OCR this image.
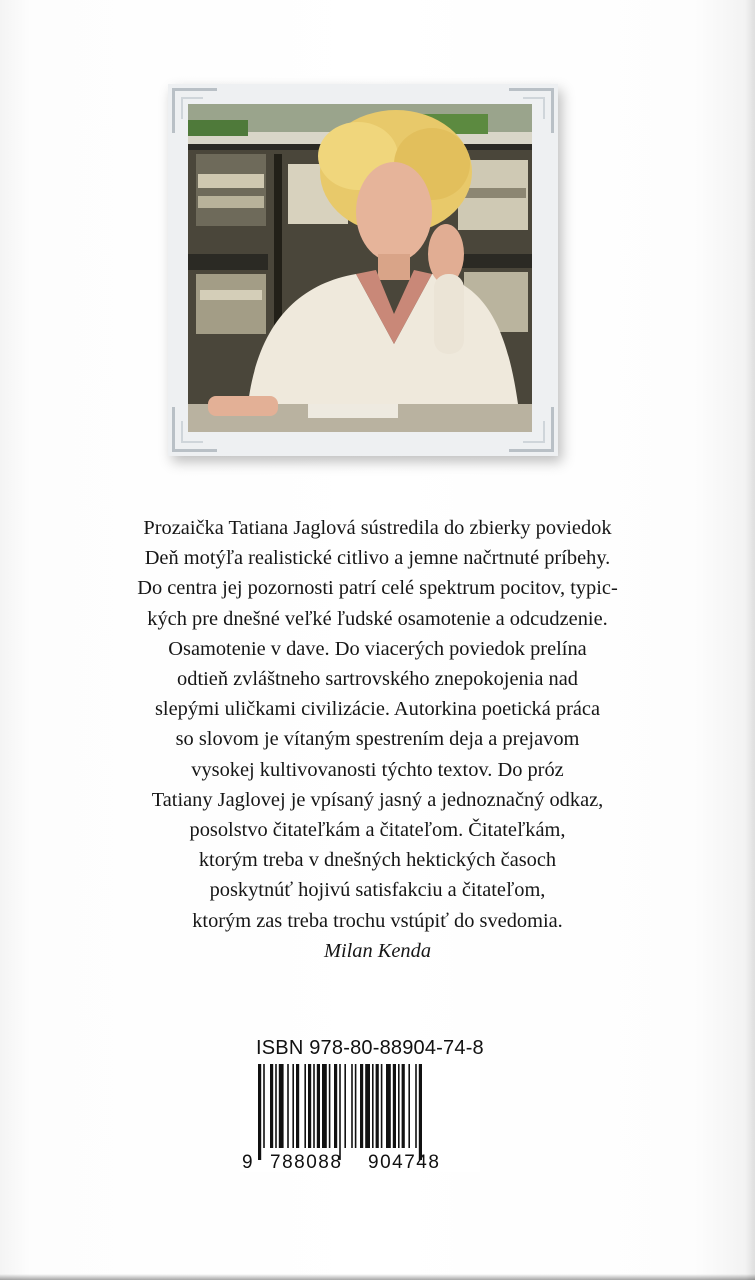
Prozaička Tatiana Jaglová sústredila do zbierky poviedok
Deň motýľa realistické citlivo a jemne načrtnuté príbehy.
Do centra jej pozornosti patrí celé spektrum pocitov, typic-
kých pre dnešné veľké ľudské osamotenie a odcudzenie.
Osamotenie v dave. Do viacerých poviedok prelína
odtieň zvláštneho sartrovského znepokojenia nad
slepými uličkami civilizácie. Autorkina poetická práca
so slovom je vítaným spestrením deja a prejavom
vysokej kultivovanosti týchto textov. Do próz
Tatiany Jaglovej je vpísaný jasný a jednoznačný odkaz,
posolstvo čitateľkám a čitateľom. Čitateľkám,
ktorým treba v dnešných hektických časoch
poskytnúť hojivú satisfakciu a čitateľom,
ktorým zas treba trochu vstúpiť do svedomia.
Milan Kenda
ISBN 978-80-88904-74-8
9 788088 904748
